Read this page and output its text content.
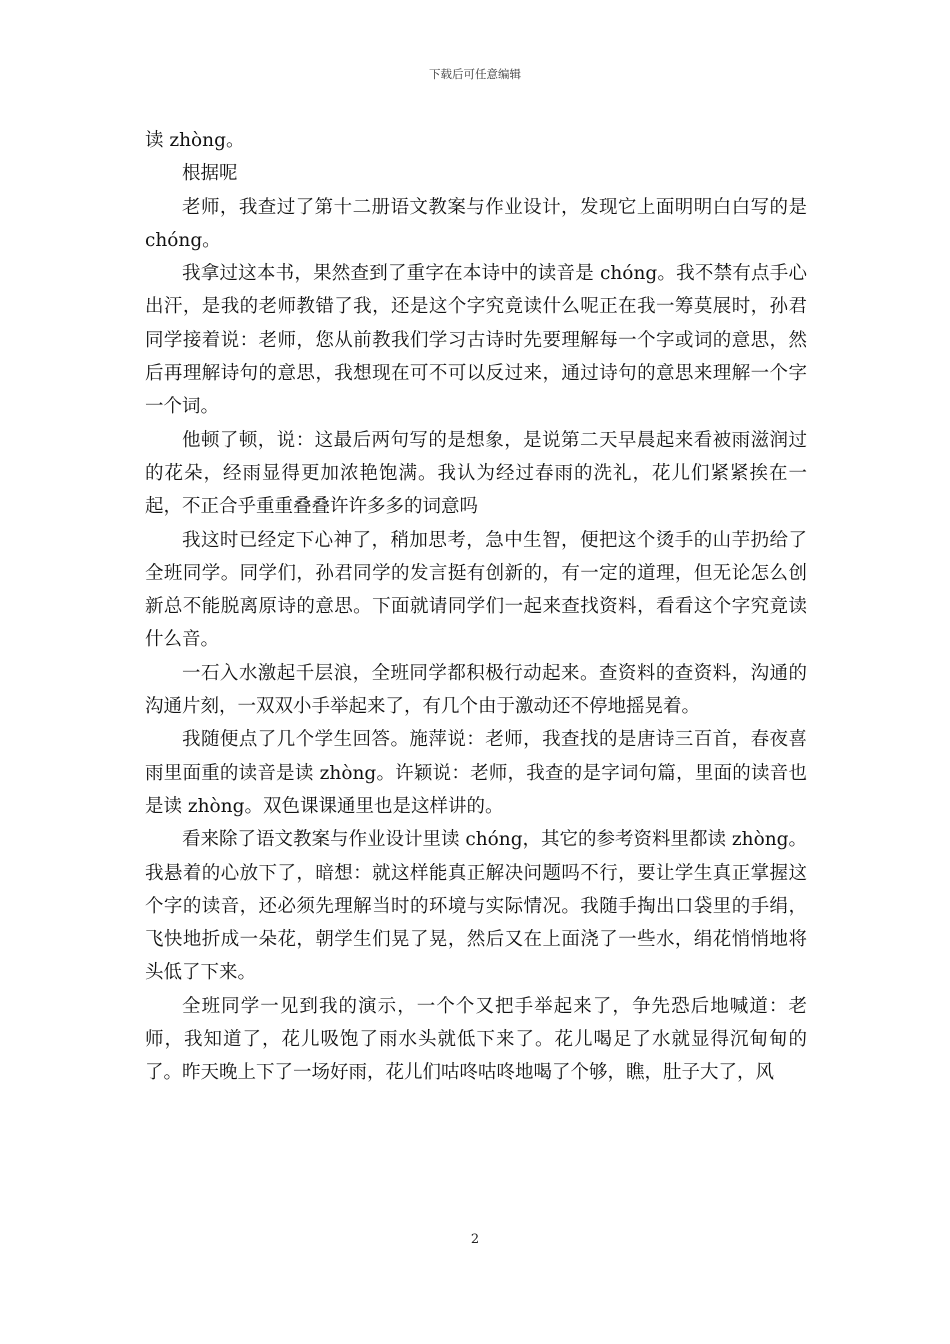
下载后可任意编辑

读 zhòng。

根据呢

老师，我查过了第十二册语文教案与作业设计，发现它上面明明白白写的是 chóng。

我拿过这本书，果然查到了重字在本诗中的读音是 chóng。我不禁有点手心出汗，是我的老师教错了我，还是这个字究竟读什么呢正在我一筹莫展时，孙君同学接着说：老师，您从前教我们学习古诗时先要理解每一个字或词的意思，然后再理解诗句的意思，我想现在可不可以反过来，通过诗句的意思来理解一个字一个词。

他顿了顿，说：这最后两句写的是想象，是说第二天早晨起来看被雨滋润过的花朵，经雨显得更加浓艳饱满。我认为经过春雨的洗礼，花儿们紧紧挨在一起，不正合乎重重叠叠许许多多的词意吗

我这时已经定下心神了，稍加思考，急中生智，便把这个烫手的山芋扔给了全班同学。同学们，孙君同学的发言挺有创新的，有一定的道理，但无论怎么创新总不能脱离原诗的意思。下面就请同学们一起来查找资料，看看这个字究竟读什么音。

一石入水激起千层浪，全班同学都积极行动起来。查资料的查资料，沟通的沟通片刻，一双双小手举起来了，有几个由于激动还不停地摇晃着。

我随便点了几个学生回答。施萍说：老师，我查找的是唐诗三百首，春夜喜雨里面重的读音是读 zhòng。许颖说：老师，我查的是字词句篇，里面的读音也是读 zhòng。双色课课通里也是这样讲的。

看来除了语文教案与作业设计里读 chóng，其它的参考资料里都读 zhòng。我悬着的心放下了，暗想：就这样能真正解决问题吗不行，要让学生真正掌握这个字的读音，还必须先理解当时的环境与实际情况。我随手掏出口袋里的手绢，飞快地折成一朵花，朝学生们晃了晃，然后又在上面浇了一些水，绢花悄悄地将头低了下来。

全班同学一见到我的演示，一个个又把手举起来了，争先恐后地喊道：老师，我知道了，花儿吸饱了雨水头就低下来了。花儿喝足了水就显得沉甸甸的了。昨天晚上下了一场好雨，花儿们咕咚咕咚地喝了个够，瞧，肚子大了，风

2
